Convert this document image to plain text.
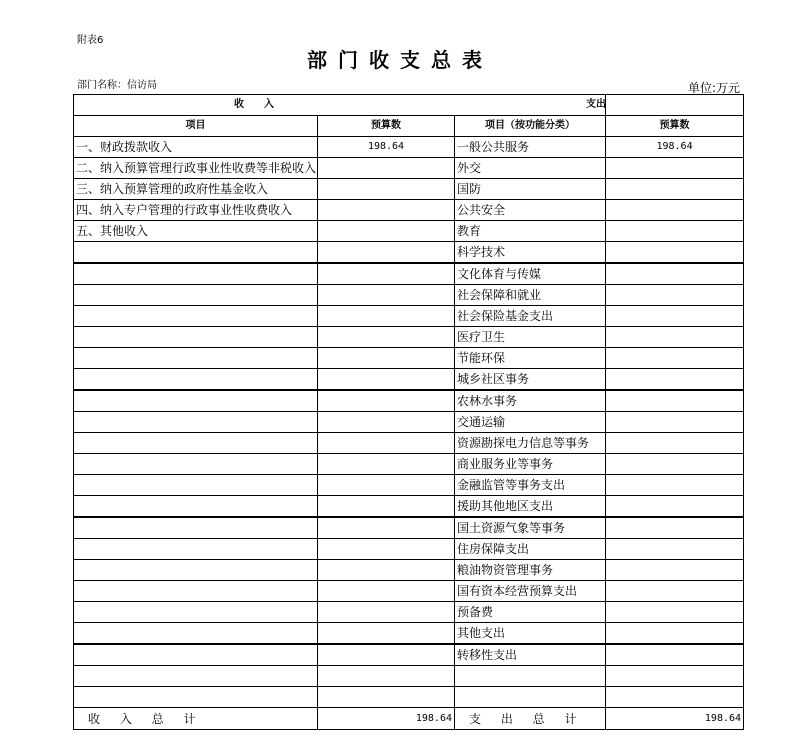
附表6
部门收支总表
部门名称：信访局	单位:万元
收　　入	支出
项目	预算数	项目（按功能分类）	预算数
一、财政拨款收入	198.64	一般公共服务	198.64
二、纳入预算管理行政事业性收费等非税收入		外交	
三、纳入预算管理的政府性基金收入		国防	
四、纳入专户管理的行政事业性收费收入		公共安全	
五、其他收入		教育	
		科学技术	
		文化体育与传媒	
		社会保障和就业	
		社会保险基金支出	
		医疗卫生	
		节能环保	
		城乡社区事务	
		农林水事务	
		交通运输	
		资源勘探电力信息等事务	
		商业服务业等事务	
		金融监管等事务支出	
		援助其他地区支出	
		国土资源气象等事务	
		住房保障支出	
		粮油物资管理事务	
		国有资本经营预算支出	
		预备费	
		其他支出	
		转移性支出	

收 入 总 计	198.64	支 出 总 计	198.64
